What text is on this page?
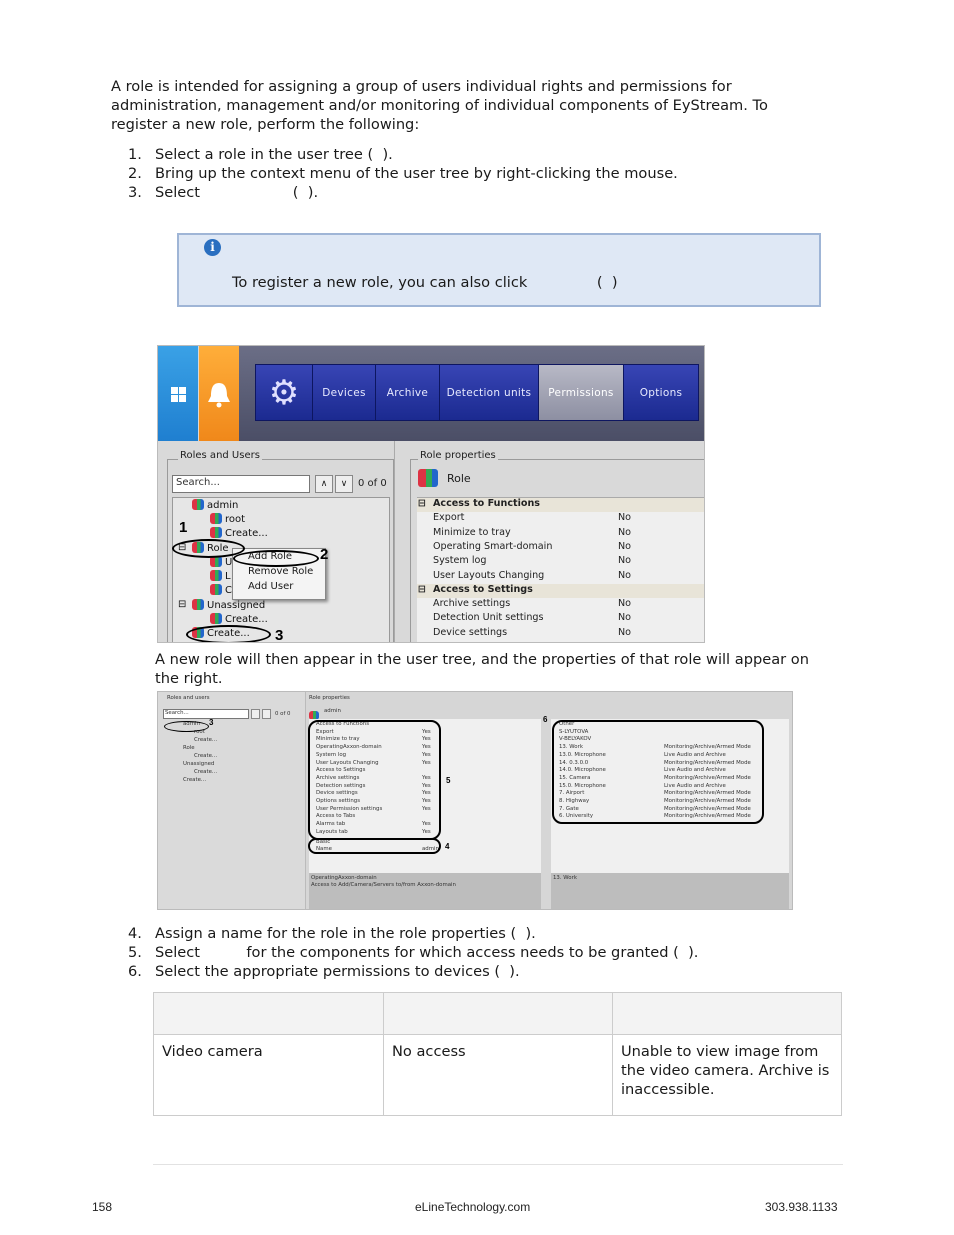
A role is intended for assigning a group of users individual rights and permissions for
administration, management and/or monitoring of individual components of EyStream. To
register a new role, perform the following:
1. Select a role in the user tree (  ).
2. Bring up the context menu of the user tree by right-clicking the mouse.
3. Select                    (  ).
i
To register a new role, you can also click               (  )
⚙	Devices	Archive	Detection units	Permissions	Options
Roles and Users
Search...	∧	∨	0 of 0
admin
root
Create...
⊟	Role
U
L
C
⊟	Unassigned
Create...
Create...
Add Role
Remove Role
Add User
1
2
3
Role properties
Role
⊟ Access to Functions
Export	No
Minimize to tray	No
Operating Smart-domain	No
System log	No
User Layouts Changing	No
⊟ Access to Settings
Archive settings	No
Detection Unit settings	No
Device settings	No
A new role will then appear in the user tree, and the properties of that role will appear on
the right.
Roles and users
Search...	0 of 0
admin
root
Create...
Role
Create...
Unassigned
Create...
Create...
3
Role properties
admin
Access to Functions
Export	Yes
Minimize to tray	Yes
OperatingAxxon-domain	Yes
System log	Yes
User Layouts Changing	Yes
Access to Settings
Archive settings	Yes
Detection settings	Yes
Device settings	Yes
Options settings	Yes
User Permission settings	Yes
Access to Tabs
Alarms tab	Yes
Layouts tab	Yes
Basic
Name	admin
Other
S-LYUTOVA
V-BELYAKOV
13. Work	Monitoring/Archive/Armed Mode
13.0. Microphone	Live Audio and Archive
14. 0.3.0.0	Monitoring/Archive/Armed Mode
14.0. Microphone	Live Audio and Archive
15. Camera	Monitoring/Archive/Armed Mode
15.0. Microphone	Live Audio and Archive
7. Airport	Monitoring/Archive/Armed Mode
8. Highway	Monitoring/Archive/Armed Mode
7. Gate	Monitoring/Archive/Armed Mode
6. University	Monitoring/Archive/Armed Mode
4
5
6
OperatingAxxon-domain
Access to Add/Camera/Servers to/from Axxon-domain
13. Work
4. Assign a name for the role in the role properties (  ).
5. Select          for the components for which access needs to be granted (  ).
6. Select the appropriate permissions to devices (  ).
Video camera	No access	Unable to view image from the video camera. Archive is inaccessible.
158	eLineTechnology.com	303.938.1133
